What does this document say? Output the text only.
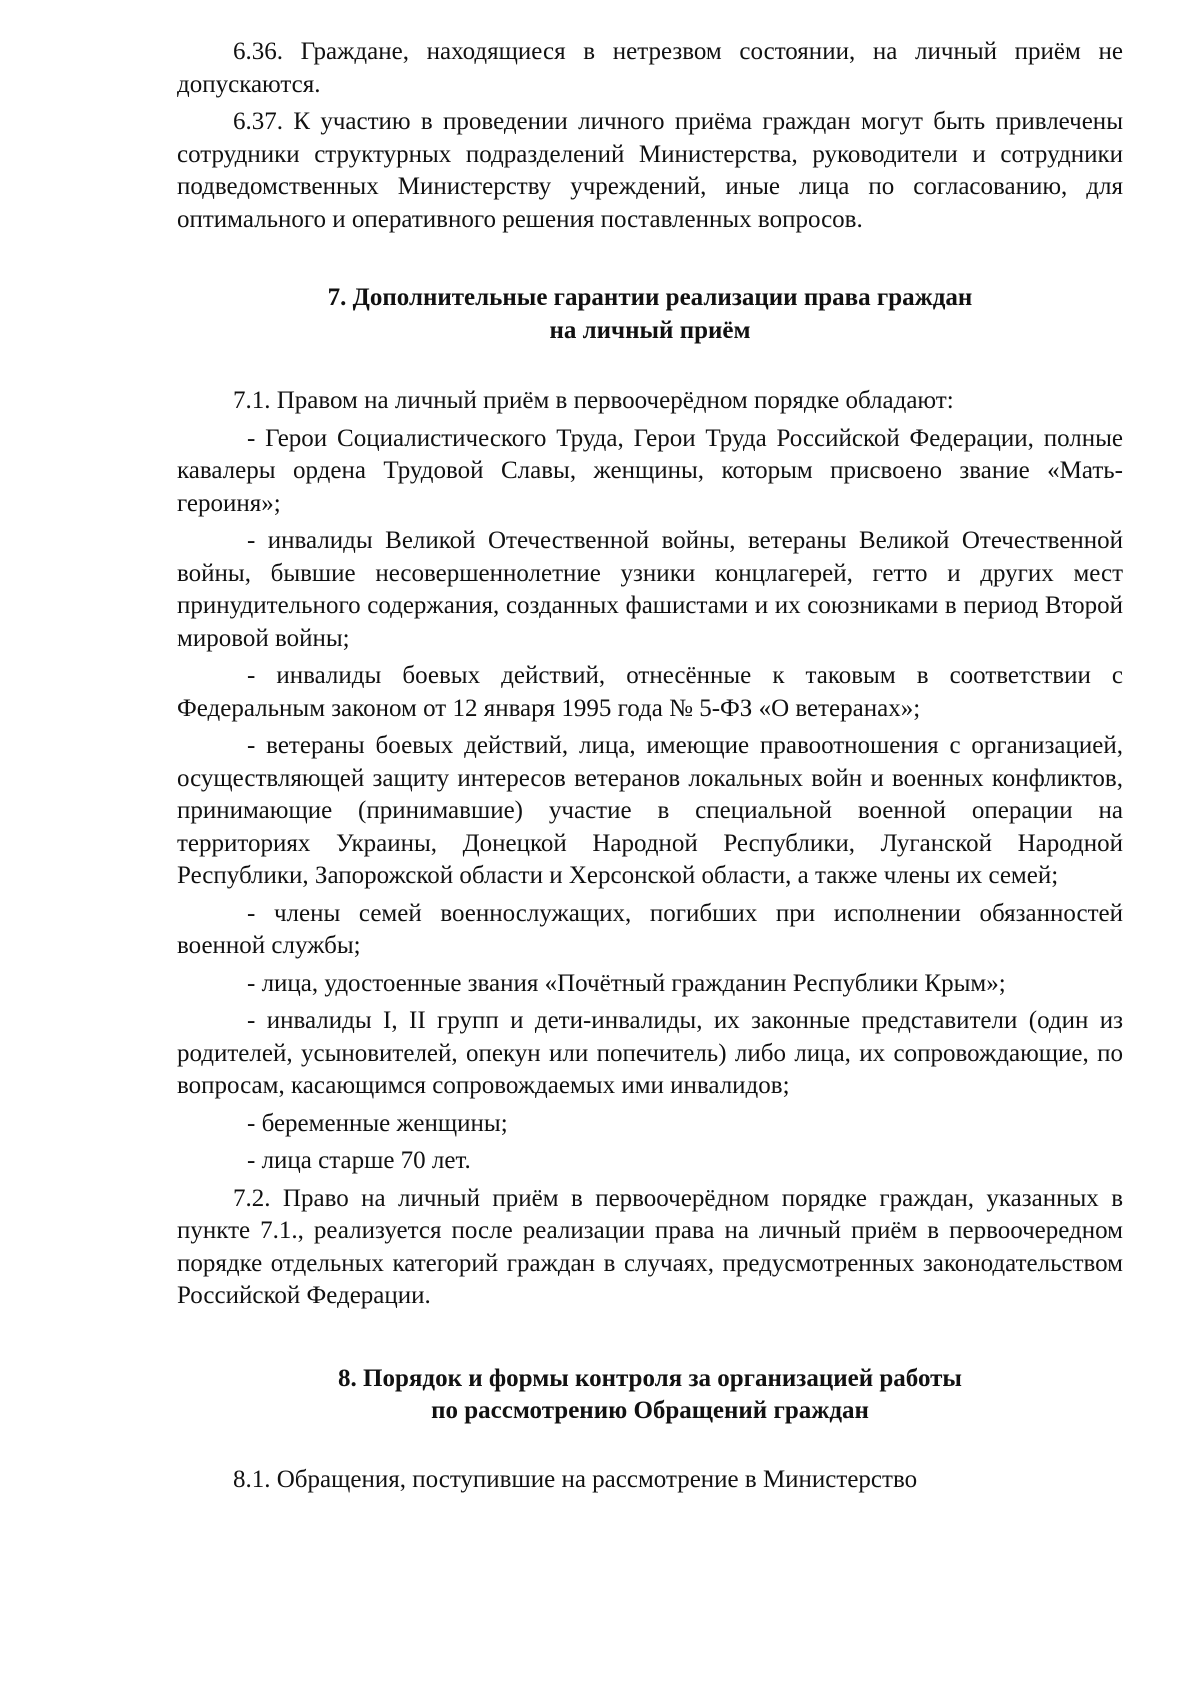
6.36. Граждане, находящиеся в нетрезвом состоянии, на личный приём не допускаются.

6.37. К участию в проведении личного приёма граждан могут быть привлечены сотрудники структурных подразделений Министерства, руководители и сотрудники подведомственных Министерству учреждений, иные лица по согласованию, для оптимального и оперативного решения поставленных вопросов.

7. Дополнительные гарантии реализации права граждан
на личный приём

7.1. Правом на личный приём в первоочерёдном порядке обладают:

- Герои Социалистического Труда, Герои Труда Российской Федерации, полные кавалеры ордена Трудовой Славы, женщины, которым присвоено звание «Мать-героиня»;

- инвалиды Великой Отечественной войны, ветераны Великой Отечественной войны, бывшие несовершеннолетние узники концлагерей, гетто и других мест принудительного содержания, созданных фашистами и их союзниками в период Второй мировой войны;

- инвалиды боевых действий, отнесённые к таковым в соответствии с Федеральным законом от 12 января 1995 года № 5-ФЗ «О ветеранах»;

- ветераны боевых действий, лица, имеющие правоотношения с организацией, осуществляющей защиту интересов ветеранов локальных войн и военных конфликтов, принимающие (принимавшие) участие в специальной военной операции на территориях Украины, Донецкой Народной Республики, Луганской Народной Республики, Запорожской области и Херсонской области, а также члены их семей;

- члены семей военнослужащих, погибших при исполнении обязанностей военной службы;

- лица, удостоенные звания «Почётный гражданин Республики Крым»;

- инвалиды I, II групп и дети-инвалиды, их законные представители (один из родителей, усыновителей, опекун или попечитель) либо лица, их сопровождающие, по вопросам, касающимся сопровождаемых ими инвалидов;

- беременные женщины;

- лица старше 70 лет.

7.2. Право на личный приём в первоочерёдном порядке граждан, указанных в пункте 7.1., реализуется после реализации права на личный приём в первоочередном порядке отдельных категорий граждан в случаях, предусмотренных законодательством Российской Федерации.

8. Порядок и формы контроля за организацией работы
по рассмотрению Обращений граждан

8.1. Обращения, поступившие на рассмотрение в Министерство
